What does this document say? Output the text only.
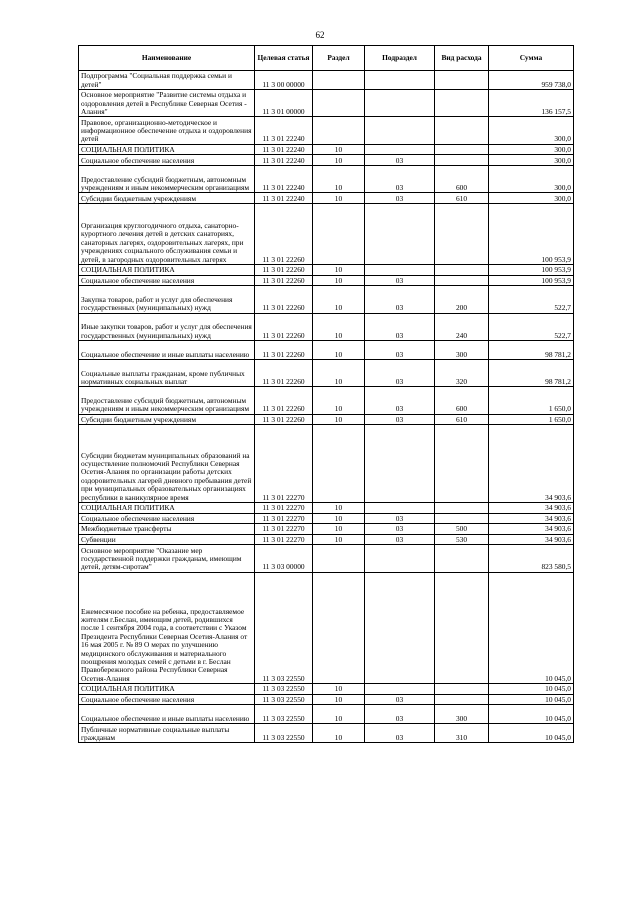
62
Наименование	Целевая статья	Раздел	Подраздел	Вид расхода	Сумма
Подпрограмма "Социальная поддержка семьи и детей"	11 3 00 00000				959 738,0
Основное мероприятие "Развитие системы отдыха и оздоровления детей в Республике Северная Осетия - Алания"	11 3 01 00000				136 157,5
Правовое, организационно-методическое и информационное обеспечение отдыха и оздоровления детей	11 3 01 22240				300,0
СОЦИАЛЬНАЯ ПОЛИТИКА	11 3 01 22240	10			300,0
Социальное обеспечение населения	11 3 01 22240	10	03		300,0
Предоставление субсидий бюджетным, автономным учреждениям и иным некоммерческим организациям	11 3 01 22240	10	03	600	300,0
Субсидии бюджетным учреждениям	11 3 01 22240	10	03	610	300,0
Организация круглогодичного отдыха, санаторно-курортного лечения детей в детских санаториях, санаторных лагерях, оздоровительных лагерях, при учреждениях социального обслуживания семьи и детей, в загородных оздоровительных лагерях	11 3 01 22260				100 953,9
СОЦИАЛЬНАЯ ПОЛИТИКА	11 3 01 22260	10			100 953,9
Социальное обеспечение населения	11 3 01 22260	10	03		100 953,9
Закупка товаров, работ и услуг для обеспечения государственных (муниципальных) нужд	11 3 01 22260	10	03	200	522,7
Иные закупки товаров, работ и услуг для обеспечения государственных (муниципальных) нужд	11 3 01 22260	10	03	240	522,7
Социальное обеспечение и иные выплаты населению	11 3 01 22260	10	03	300	98 781,2
Социальные выплаты гражданам, кроме публичных нормативных социальных выплат	11 3 01 22260	10	03	320	98 781,2
Предоставление субсидий бюджетным, автономным учреждениям и иным некоммерческим организациям	11 3 01 22260	10	03	600	1 650,0
Субсидии бюджетным учреждениям	11 3 01 22260	10	03	610	1 650,0
Субсидии бюджетам муниципальных образований на осуществление полномочий Республики Северная Осетия-Алания по организации работы детских оздоровительных лагерей дневного пребывания детей при муниципальных образовательных организациях республики в каникулярное время	11 3 01 22270				34 903,6
СОЦИАЛЬНАЯ ПОЛИТИКА	11 3 01 22270	10			34 903,6
Социальное обеспечение населения	11 3 01 22270	10	03		34 903,6
Межбюджетные трансферты	11 3 01 22270	10	03	500	34 903,6
Субвенции	11 3 01 22270	10	03	530	34 903,6
Основное мероприятие "Оказание мер государственной поддержки гражданам, имеющим детей, детям-сиротам"	11 3 03 00000				823 580,5
Ежемесячное пособие на ребенка, предоставляемое жителям г.Беслан, имеющим детей, родившихся после 1 сентября 2004 года, в соответствии с Указом Президента Республики Северная Осетия-Алания от 16 мая 2005 г. № 89 О мерах по улучшению медицинского обслуживания и материального поощрения молодых семей с детьми в г. Беслан Правобережного района Республики Северная Осетия-Алания	11 3 03 22550				10 045,0
СОЦИАЛЬНАЯ ПОЛИТИКА	11 3 03 22550	10			10 045,0
Социальное обеспечение населения	11 3 03 22550	10	03		10 045,0
Социальное обеспечение и иные выплаты населению	11 3 03 22550	10	03	300	10 045,0
Публичные нормативные социальные выплаты гражданам	11 3 03 22550	10	03	310	10 045,0
